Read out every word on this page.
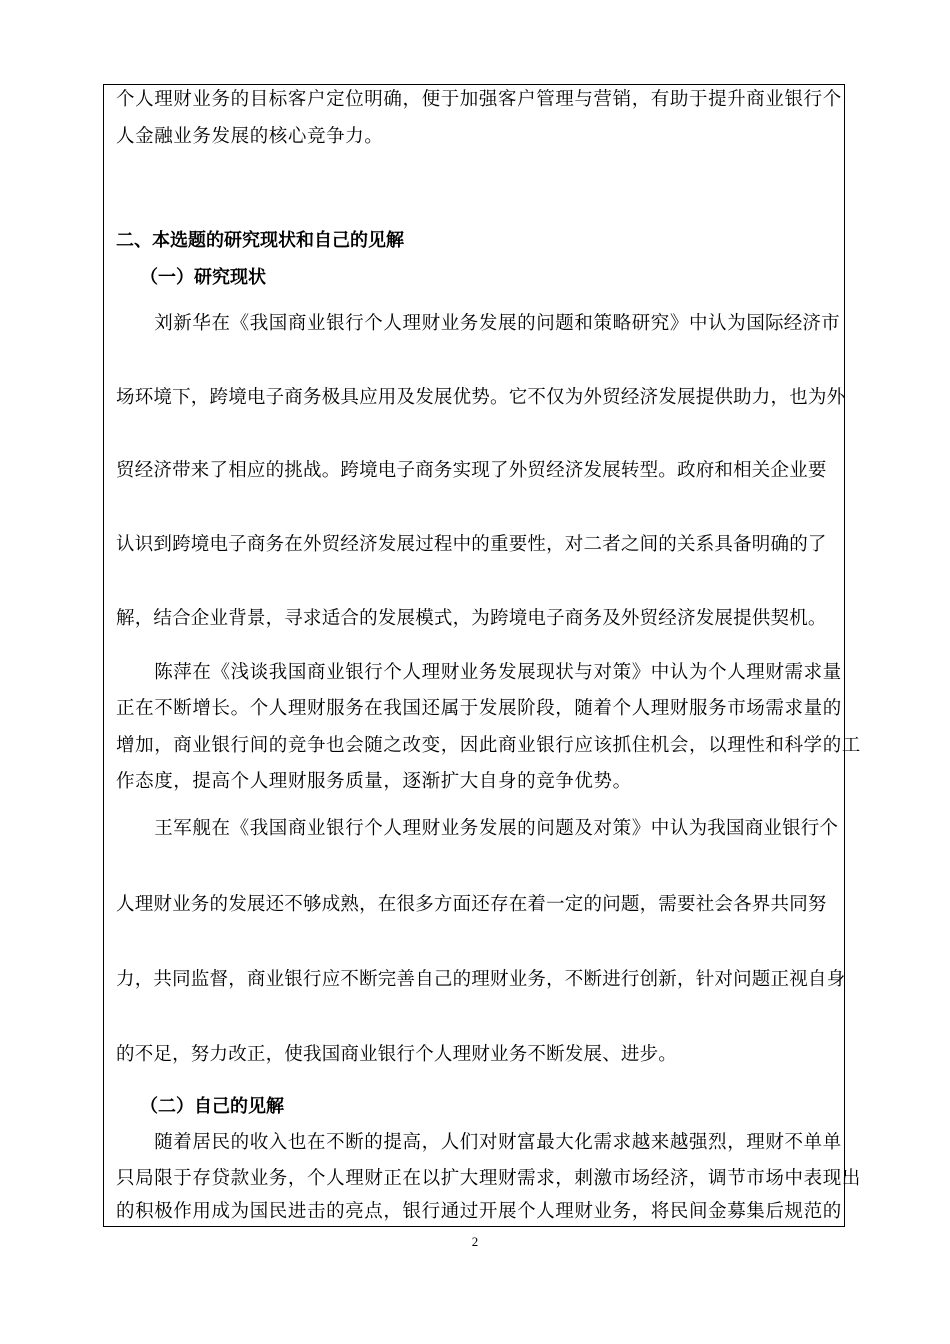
个人理财业务的目标客户定位明确，便于加强客户管理与营销，有助于提升商业银行个
人金融业务发展的核心竞争力。
二、本选题的研究现状和自己的见解
（一）研究现状
　　刘新华在《我国商业银行个人理财业务发展的问题和策略研究》中认为国际经济市
场环境下，跨境电子商务极具应用及发展优势。它不仅为外贸经济发展提供助力，也为外
贸经济带来了相应的挑战。跨境电子商务实现了外贸经济发展转型。政府和相关企业要
认识到跨境电子商务在外贸经济发展过程中的重要性，对二者之间的关系具备明确的了
解，结合企业背景，寻求适合的发展模式，为跨境电子商务及外贸经济发展提供契机。
　　陈萍在《浅谈我国商业银行个人理财业务发展现状与对策》中认为个人理财需求量
正在不断增长。个人理财服务在我国还属于发展阶段，随着个人理财服务市场需求量的
增加，商业银行间的竞争也会随之改变，因此商业银行应该抓住机会，以理性和科学的工
作态度，提高个人理财服务质量，逐渐扩大自身的竞争优势。
　　王军舰在《我国商业银行个人理财业务发展的问题及对策》中认为我国商业银行个
人理财业务的发展还不够成熟，在很多方面还存在着一定的问题，需要社会各界共同努
力，共同监督，商业银行应不断完善自己的理财业务，不断进行创新，针对问题正视自身
的不足，努力改正，使我国商业银行个人理财业务不断发展、进步。
（二）自己的见解
　　随着居民的收入也在不断的提高，人们对财富最大化需求越来越强烈，理财不单单
只局限于存贷款业务，个人理财正在以扩大理财需求，刺激市场经济，调节市场中表现出
的积极作用成为国民进击的亮点，银行通过开展个人理财业务，将民间金募集后规范的
2
